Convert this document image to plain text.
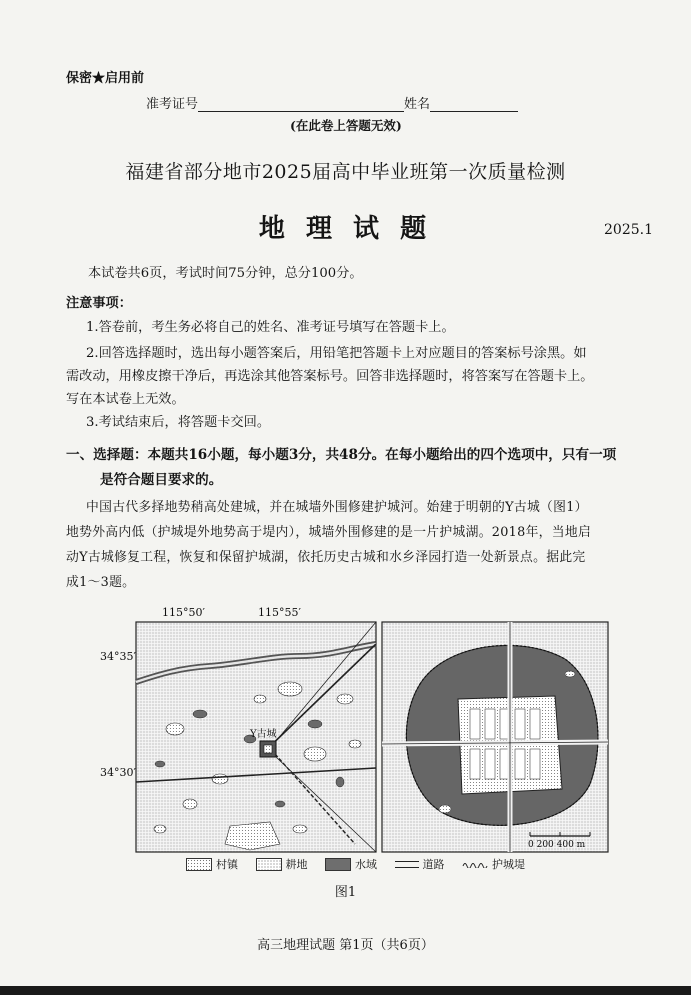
保密★启用前
准考证号	姓名
(在此卷上答题无效)
福建省部分地市2025届高中毕业班第一次质量检测
地 理 试 题	2025.1
本试卷共6页，考试时间75分钟，总分100分。
注意事项：
1.答卷前，考生务必将自己的姓名、准考证号填写在答题卡上。
2.回答选择题时，选出每小题答案后，用铅笔把答题卡上对应题目的答案标号涂黑。如
需改动，用橡皮擦干净后，再选涂其他答案标号。回答非选择题时，将答案写在答题卡上。
写在本试卷上无效。
3.考试结束后，将答题卡交回。
一、选择题：本题共16小题，每小题3分，共48分。在每小题给出的四个选项中，只有一项
是符合题目要求的。
中国古代多择地势稍高处建城，并在城墙外围修建护城河。始建于明朝的Y古城（图1）
地势外高内低（护城堤外地势高于堤内），城墙外围修建的是一片护城湖。2018年，当地启
动Y古城修复工程，恢复和保留护城湖，依托历史古城和水乡泽园打造一处新景点。据此完
成1～3题。
Y古城
115°50′	115°55′
34°35′
34°30′
0 200 400 m
村镇	耕地	水域	道路	护城堤
图1
高三地理试题 第1页（共6页）
